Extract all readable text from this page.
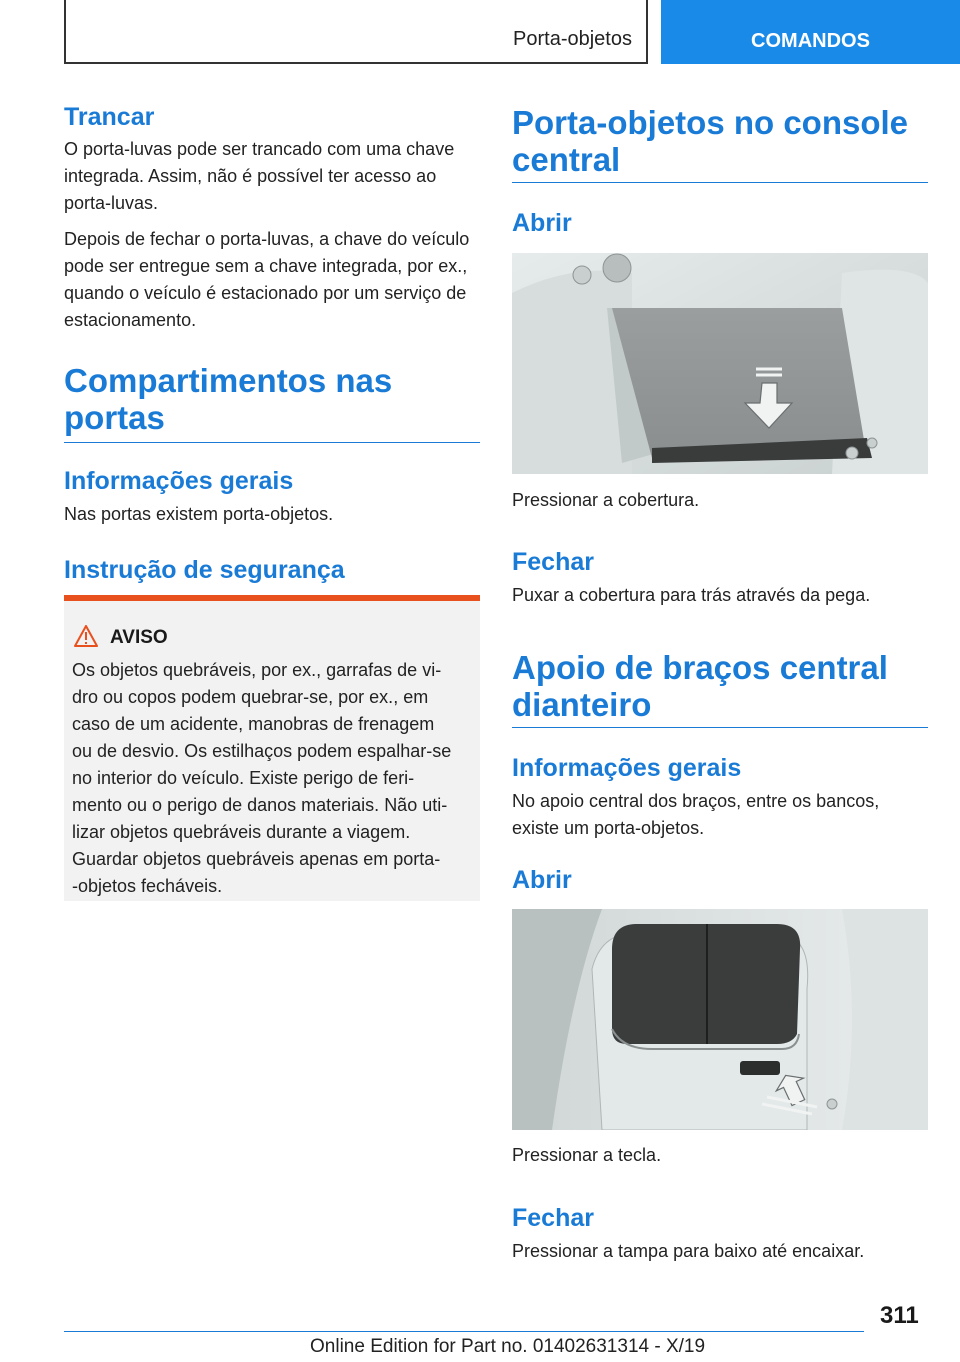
Porta-objetos	COMANDOS
Trancar

O porta-luvas pode ser trancado com uma chave integrada. Assim, não é possível ter acesso ao porta-luvas.

Depois de fechar o porta-luvas, a chave do veículo pode ser entregue sem a chave integrada, por ex., quando o veículo é estacionado por um serviço de estacionamento.

Compartimentos nas
portas
Informações gerais

Nas portas existem porta-objetos.

Instrução de segurança
AVISO
Os objetos quebráveis, por ex., garrafas de vi‐
dro ou copos podem quebrar-se, por ex., em
caso de um acidente, manobras de frenagem
ou de desvio. Os estilhaços podem espalhar-se
no interior do veículo. Existe perigo de feri‐
mento ou o perigo de danos materiais. Não uti‐
lizar objetos quebráveis durante a viagem.
Guardar objetos quebráveis apenas em porta-
-objetos fecháveis.
Porta-objetos no console
central
Abrir

Pressionar a cobertura.

Fechar

Puxar a cobertura para trás através da pega.

Apoio de braços central
dianteiro
Informações gerais

No apoio central dos braços, entre os bancos,

existe um porta-objetos.

Abrir

Pressionar a tecla.

Fechar

Pressionar a tampa para baixo até encaixar.

311
Online Edition for Part no. 01402631314 - X/19
